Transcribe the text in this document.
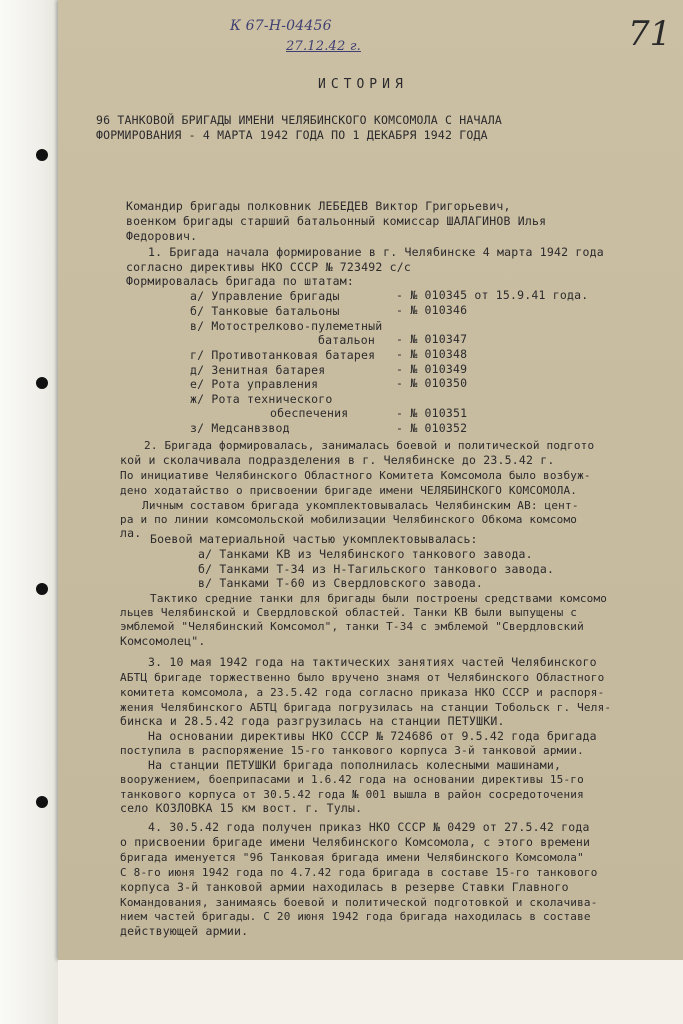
К 67-Н-04456
27.12.42 г.	71
ИСТОРИЯ
96 ТАНКОВОЙ БРИГАДЫ ИМЕНИ ЧЕЛЯБИНСКОГО КОМСОМОЛА С НАЧАЛА
ФОРМИРОВАНИЯ - 4 МАРТА 1942 ГОДА ПО 1 ДЕКАБРЯ 1942 ГОДА
Командир бригады полковник ЛЕБЕДЕВ Виктор Григорьевич,
военком бригады старший батальонный комиссар ШАЛАГИНОВ Илья
Федорович.
1. Бригада начала формирование в г. Челябинске 4 марта 1942 года
согласно директивы НКО СССР № 723492 с/с
Формировалась бригада по штатам:
а/ Управление бригады
б/ Танковые батальоны
в/ Мотострелково-пулеметный
батальон
г/ Противотанковая батарея
д/ Зенитная батарея
е/ Рота управления
ж/ Рота технического
обеспечения
з/ Медсанвзвод
- № 010345 от 15.9.41 года.
- № 010346
- № 010347
- № 010348
- № 010349
- № 010350
- № 010351
- № 010352
2. Бригада формировалась, занималась боевой и политической подгото
кой и сколачивала подразделения в г. Челябинске до 23.5.42 г.
По инициативе Челябинского Областного Комитета Комсомола было возбуж-
дено ходатайство о присвоении бригаде имени ЧЕЛЯБИНСКОГО КОМСОМОЛА.
Личным составом бригада укомплектовывалась Челябинским АВ: цент-
ра и по линии комсомольской мобилизации Челябинского Обкома комсомо
ла. Боевой материальной частью укомплектовывалась:
а/ Танками КВ из Челябинского танкового завода.
б/ Танками Т-34 из Н-Тагильского танкового завода.
в/ Танками Т-60 из Свердловского завода.
Тактико средние танки для бригады были построены средствами комсомо
льцев Челябинской и Свердловской областей. Танки КВ были выпущены с
эмблемой "Челябинский Комсомол", танки Т-34 с эмблемой "Свердловский
Комсомолец".
3. 10 мая 1942 года на тактических занятиях частей Челябинского
АБТЦ бригаде торжественно было вручено знамя от Челябинского Областного
комитета комсомола, а 23.5.42 года согласно приказа НКО СССР и распоря-
жения Челябинского АБТЦ бригада погрузилась на станции Тобольск г. Челя-
бинска и 28.5.42 года разгрузилась на станции ПЕТУШКИ.
На основании директивы НКО СССР № 724686 от 9.5.42 года бригада
поступила в распоряжение 15-го танкового корпуса 3-й танковой армии.
На станции ПЕТУШКИ бригада пополнилась колесными машинами,
вооружением, боеприпасами и 1.6.42 года на основании директивы 15-го
танкового корпуса от 30.5.42 года № 001 вышла в район сосредоточения
село КОЗЛОВКА 15 км вост. г. Тулы.
4. 30.5.42 года получен приказ НКО СССР № 0429 от 27.5.42 года
о присвоении бригаде имени Челябинского Комсомола, с этого времени
бригада именуется "96 Танковая бригада имени Челябинского Комсомола"
С 8-го июня 1942 года по 4.7.42 года бригада в составе 15-го танкового
корпуса 3-й танковой армии находилась в резерве Ставки Главного
Командования, занимаясь боевой и политической подготовкой и сколачива-
нием частей бригады. С 20 июня 1942 года бригада находилась в составе
действующей армии.
